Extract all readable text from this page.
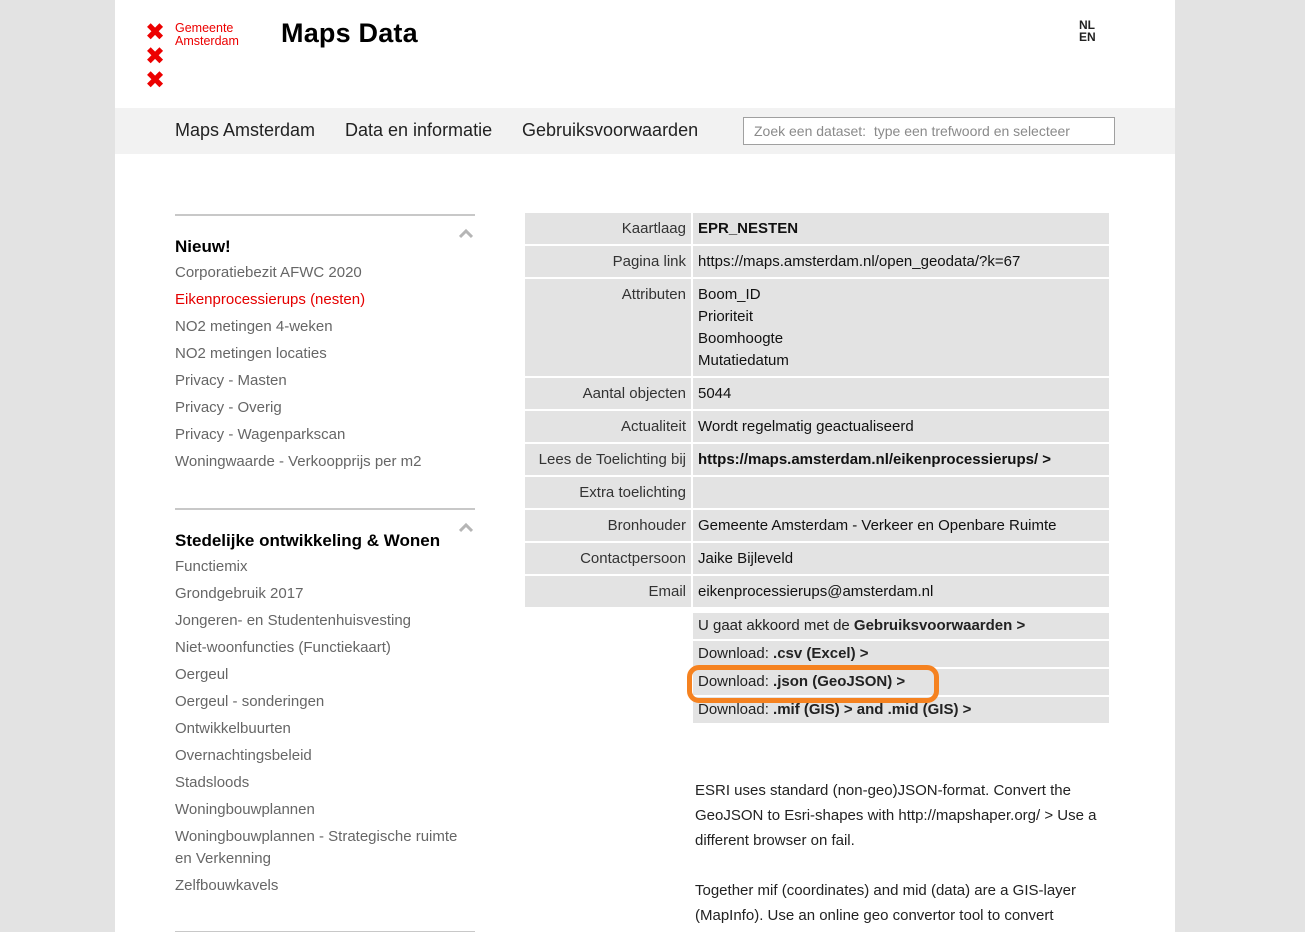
✖
✖
✖
Gemeente
Amsterdam Maps Data	NL
EN
Maps Amsterdam Data en informatie Gebruiksvoorwaarden
Zoek een dataset: type een trefwoord en selecteer
Nieuw!
Corporatiebezit AFWC 2020
Eikenprocessierups (nesten)
NO2 metingen 4-weken
NO2 metingen locaties
Privacy - Masten
Privacy - Overig
Privacy - Wagenparkscan
Woningwaarde - Verkoopprijs per m2
Stedelijke ontwikkeling & Wonen
Functiemix
Grondgebruik 2017
Jongeren- en Studentenhuisvesting
Niet-woonfuncties (Functiekaart)
Oergeul
Oergeul - sonderingen
Ontwikkelbuurten
Overnachtingsbeleid
Stadsloods
Woningbouwplannen
Woningbouwplannen - Strategische ruimte en Verkenning
Zelfbouwkavels
Kaartlaag EPR_NESTEN
Pagina link https://maps.amsterdam.nl/open_geodata/?k=67
Attributen Boom_ID
Prioriteit
Boomhoogte
Mutatiedatum
Aantal objecten 5044
Actualiteit Wordt regelmatig geactualiseerd
Lees de Toelichting bij https://maps.amsterdam.nl/eikenprocessierups/ >
Extra toelichting
Bronhouder Gemeente Amsterdam - Verkeer en Openbare Ruimte
Contactpersoon Jaike Bijleveld
Email eikenprocessierups@amsterdam.nl
U gaat akkoord met de Gebruiksvoorwaarden >
Download: .csv (Excel) >
Download: .json (GeoJSON) >
Download: .mif (GIS) > and .mid (GIS) >

ESRI uses standard (non-geo)JSON-format. Convert the GeoJSON to Esri-shapes with http://mapshaper.org/ > Use a different browser on fail.

Together mif (coordinates) and mid (data) are a GIS-layer (MapInfo). Use an online geo convertor tool to convert
